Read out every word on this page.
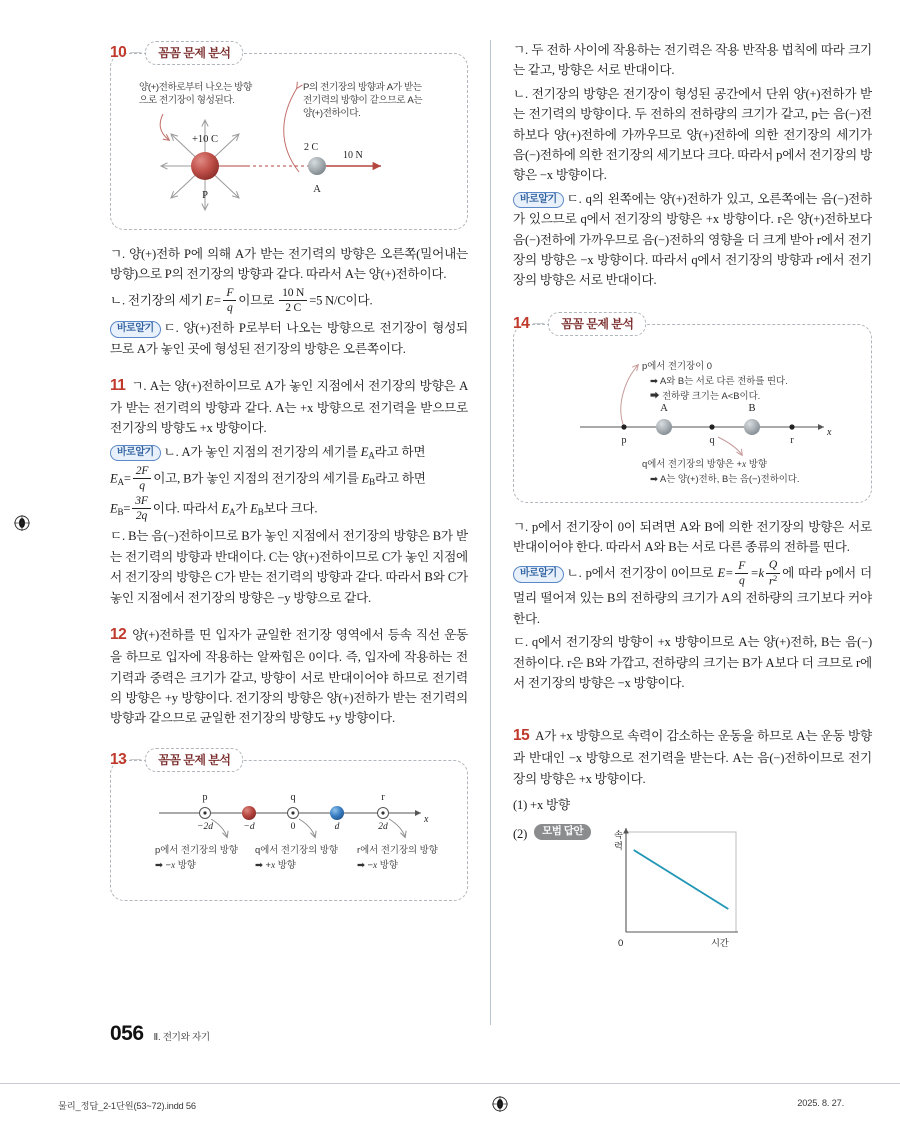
10 —	꼼꼼 문제 분석
양(+)전하로부터 나오는 방향
으로 전기장이 형성된다.
P의 전기장의 방향과 A가 받는
전기력의 방향이 같으므로 A는
양(+)전하이다.
+10 C
P
2 C
A
10 N

ㄱ. 양(+)전하 P에 의해 A가 받는 전기력의 방향은 오른쪽(밀어내는 방향)으로 P의 전기장의 방향과 같다. 따라서 A는 양(+)전하이다.

ㄴ. 전기장의 세기 $E= \frac{F}{q}$ 이므로 $\frac{10 N}{2 C} =5$ N/C이다.

바로알기 ㄷ. 양(+)전하 P로부터 나오는 방향으로 전기장이 형성되므로 A가 놓인 곳에 형성된 전기장의 방향은 오른쪽이다.

11 ㄱ. A는 양(+)전하이므로 A가 놓인 지점에서 전기장의 방향은 A가 받는 전기력의 방향과 같다. A는 +x 방향으로 전기력을 받으므로 전기장의 방향도 +x 방향이다.

바로알기 ㄴ. A가 놓인 지점의 전기장의 세기를 $E_A$라고 하면

$E_A= \frac{2F}{q}$ 이고, B가 놓인 지점의 전기장의 세기를 $E_B$라고 하면

$E_B= \frac{3F}{2q}$ 이다. 따라서 $E_A$가 $E_B$보다 크다.

ㄷ. B는 음(−)전하이므로 B가 놓인 지점에서 전기장의 방향은 B가 받는 전기력의 방향과 반대이다. C는 양(+)전하이므로 C가 놓인 지점에서 전기장의 방향은 C가 받는 전기력의 방향과 같다. 따라서 B와 C가 놓인 지점에서 전기장의 방향은 −y 방향으로 같다.

12 양(+)전하를 띤 입자가 균일한 전기장 영역에서 등속 직선 운동을 하므로 입자에 작용하는 알짜힘은 0이다. 즉, 입자에 작용하는 전기력과 중력은 크기가 같고, 방향이 서로 반대이어야 하므로 전기력의 방향은 +y 방향이다. 전기장의 방향은 양(+)전하가 받는 전기력의 방향과 같으므로 균일한 전기장의 방향도 +y 방향이다.

13 —	꼼꼼 문제 분석
x
p
−2d	−d
q
0	d
r
2d
p에서 전기장의 방향
➡ −x 방향
q에서 전기장의 방향
➡ +x 방향
r에서 전기장의 방향
➡ −x 방향

ㄱ. 두 전하 사이에 작용하는 전기력은 작용 반작용 법칙에 따라 크기는 같고, 방향은 서로 반대이다.

ㄴ. 전기장의 방향은 전기장이 형성된 공간에서 단위 양(+)전하가 받는 전기력의 방향이다. 두 전하의 전하량의 크기가 같고, p는 음(−)전하보다 양(+)전하에 가까우므로 양(+)전하에 의한 전기장의 세기가 음(−)전하에 의한 전기장의 세기보다 크다. 따라서 p에서 전기장의 방향은 −x 방향이다.

바로알기 ㄷ. q의 왼쪽에는 양(+)전하가 있고, 오른쪽에는 음(−)전하가 있으므로 q에서 전기장의 방향은 +x 방향이다. r은 양(+)전하보다 음(−)전하에 가까우므로 음(−)전하의 영향을 더 크게 받아 r에서 전기장의 방향은 −x 방향이다. 따라서 q에서 전기장의 방향과 r에서 전기장의 방향은 서로 반대이다.

14 —	꼼꼼 문제 분석
p에서 전기장이 0
➡ A와 B는 서로 다른 전하를 띤다.
➡ 전하량 크기는 A<B이다.
x
p
A
q
B
r
q에서 전기장의 방향은 +x 방향
➡ A는 양(+)전하, B는 음(−)전하이다.

ㄱ. p에서 전기장이 0이 되려면 A와 B에 의한 전기장의 방향은 서로 반대이어야 한다. 따라서 A와 B는 서로 다른 종류의 전하를 띤다.

바로알기 ㄴ. p에서 전기장이 0이므로 $E= \frac{F}{q} =k \frac{Q}{r^2}$ 에 따라 p에서 더 멀리 떨어져 있는 B의 전하량의 크기가 A의 전하량의 크기보다 커야 한다.

ㄷ. q에서 전기장의 방향이 +x 방향이므로 A는 양(+)전하, B는 음(−)전하이다. r은 B와 가깝고, 전하량의 크기는 B가 A보다 더 크므로 r에서 전기장의 방향은 −x 방향이다.

15 A가 +x 방향으로 속력이 감소하는 운동을 하므로 A는 운동 방향과 반대인 −x 방향으로 전기력을 받는다. A는 음(−)전하이므로 전기장의 방향은 +x 방향이다.

(1) +x 방향

(2)	모범 답안	속
력
0	시간

056 Ⅱ. 전기와 자기
물리_정답_2-1단원(53~72).indd 56	2025. 8. 27.
